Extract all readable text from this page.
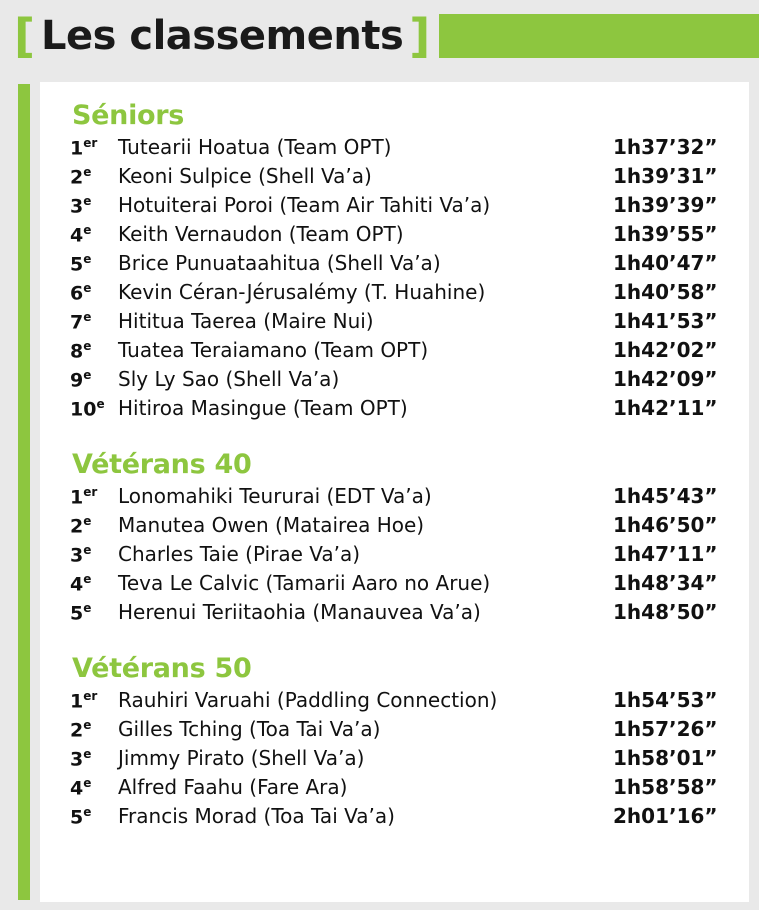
[ Les classements ]
Séniors
1er	Tutearii Hoatua (Team OPT)	1h37’32”
2e	Keoni Sulpice (Shell Va’a)	1h39’31”
3e	Hotuiterai Poroi (Team Air Tahiti Va’a)	1h39’39”
4e	Keith Vernaudon (Team OPT)	1h39’55”
5e	Brice Punuataahitua (Shell Va’a)	1h40’47”
6e	Kevin Céran-Jérusalémy (T. Huahine)	1h40’58”
7e	Hititua Taerea (Maire Nui)	1h41’53”
8e	Tuatea Teraiamano (Team OPT)	1h42’02”
9e	Sly Ly Sao (Shell Va’a)	1h42’09”
10e Hitiroa Masingue (Team OPT)	1h42’11”
Vétérans 40
1er	Lonomahiki Teururai (EDT Va’a)	1h45’43”
2e	Manutea Owen (Matairea Hoe)	1h46’50”
3e	Charles Taie (Pirae Va’a)	1h47’11”
4e	Teva Le Calvic (Tamarii Aaro no Arue)	1h48’34”
5e	Herenui Teriitaohia (Manauvea Va’a)	1h48’50”
Vétérans 50
1er	Rauhiri Varuahi (Paddling Connection)	1h54’53”
2e	Gilles Tching (Toa Tai Va’a)	1h57’26”
3e	Jimmy Pirato (Shell Va’a)	1h58’01”
4e	Alfred Faahu (Fare Ara)	1h58’58”
5e	Francis Morad (Toa Tai Va’a)	2h01’16”
